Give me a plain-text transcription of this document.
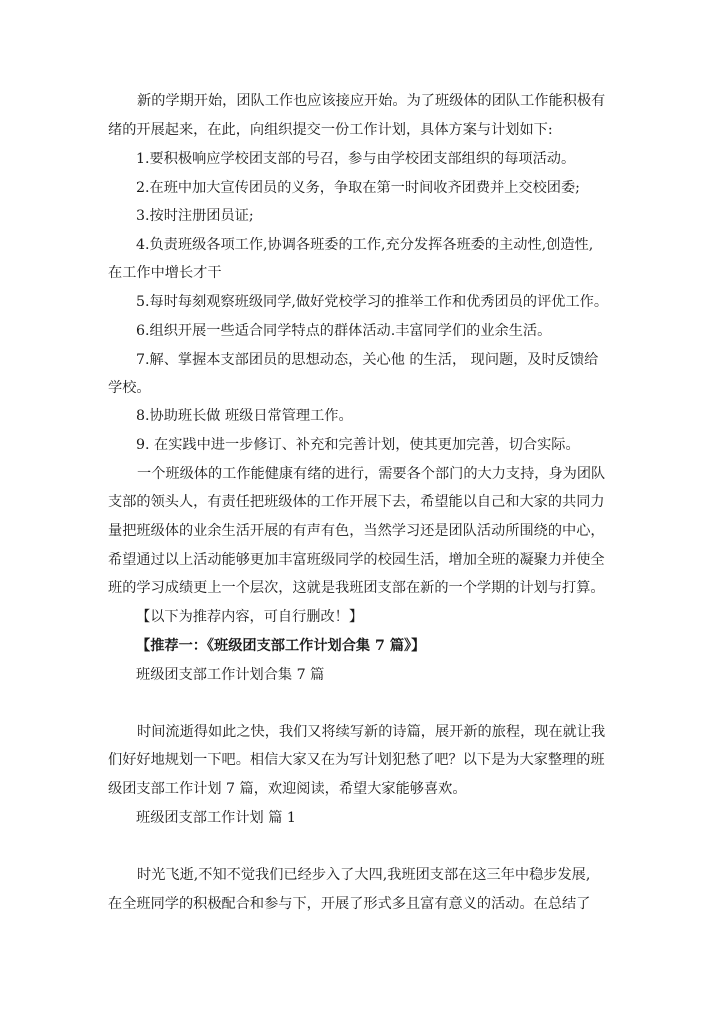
新的学期开始，团队工作也应该接应开始。为了班级体的团队工作能积极有
绪的开展起来，在此，向组织提交一份工作计划，具体方案与计划如下:
1.要积极响应学校团支部的号召，参与由学校团支部组织的每项活动。
2.在班中加大宣传团员的义务，争取在第一时间收齐团费并上交校团委;
3.按时注册团员证;
4.负责班级各项工作,协调各班委的工作,充分发挥各班委的主动性,创造性,
在工作中增长才干
5.每时每刻观察班级同学,做好党校学习的推举工作和优秀团员的评优工作。
6.组织开展一些适合同学特点的群体活动.丰富同学们的业余生活。
7.解、掌握本支部团员的思想动态，关心他 的生活， 现问题，及时反馈给
学校。
8.协助班长做 班级日常管理工作。
9. 在实践中进一步修订、补充和完善计划，使其更加完善，切合实际。
一个班级体的工作能健康有绪的进行，需要各个部门的大力支持，身为团队
支部的领头人，有责任把班级体的工作开展下去，希望能以自己和大家的共同力
量把班级体的业余生活开展的有声有色，当然学习还是团队活动所围绕的中心，
希望通过以上活动能够更加丰富班级同学的校园生活，增加全班的凝聚力并使全
班的学习成绩更上一个层次，这就是我班团支部在新的一个学期的计划与打算。
【以下为推荐内容，可自行删改！】
【推荐一：《班级团支部工作计划合集 7 篇》】
班级团支部工作计划合集 7 篇
时间流逝得如此之快，我们又将续写新的诗篇，展开新的旅程，现在就让我
们好好地规划一下吧。相信大家又在为写计划犯愁了吧？以下是为大家整理的班
级团支部工作计划 7 篇，欢迎阅读，希望大家能够喜欢。
班级团支部工作计划 篇 1
时光飞逝,不知不觉我们已经步入了大四,我班团支部在这三年中稳步发展,
在全班同学的积极配合和参与下，开展了形式多且富有意义的活动。在总结了
